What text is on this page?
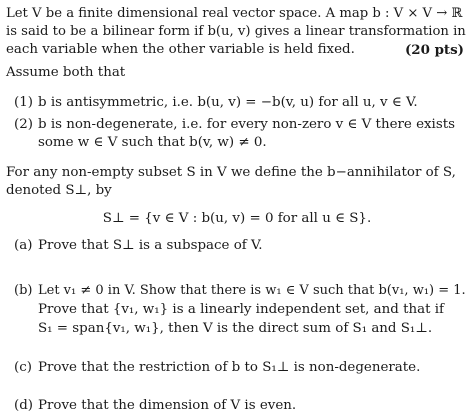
Let V be a finite dimensional real vector space. A map b : V × V → ℝ
is said to be a bilinear form if b(u, v) gives a linear transformation in
each variable when the other variable is held fixed.	(20 pts)
Assume both that
(1) b is antisymmetric, i.e. b(u, v) = −b(v, u) for all u, v ∈ V.
(2) b is non-degenerate, i.e. for every non-zero v ∈ V there exists
some w ∈ V such that b(v, w) ≠ 0.
For any non-empty subset S in V we define the b−annihilator of S,
denoted S⊥, by
S⊥ = {v ∈ V : b(u, v) = 0 for all u ∈ S}.
(a) Prove that S⊥ is a subspace of V.
(b) Let v₁ ≠ 0 in V. Show that there is w₁ ∈ V such that b(v₁, w₁) = 1.
Prove that {v₁, w₁} is a linearly independent set, and that if
S₁ = span{v₁, w₁}, then V is the direct sum of S₁ and S₁⊥.
(c) Prove that the restriction of b to S₁⊥ is non-degenerate.
(d) Prove that the dimension of V is even.
